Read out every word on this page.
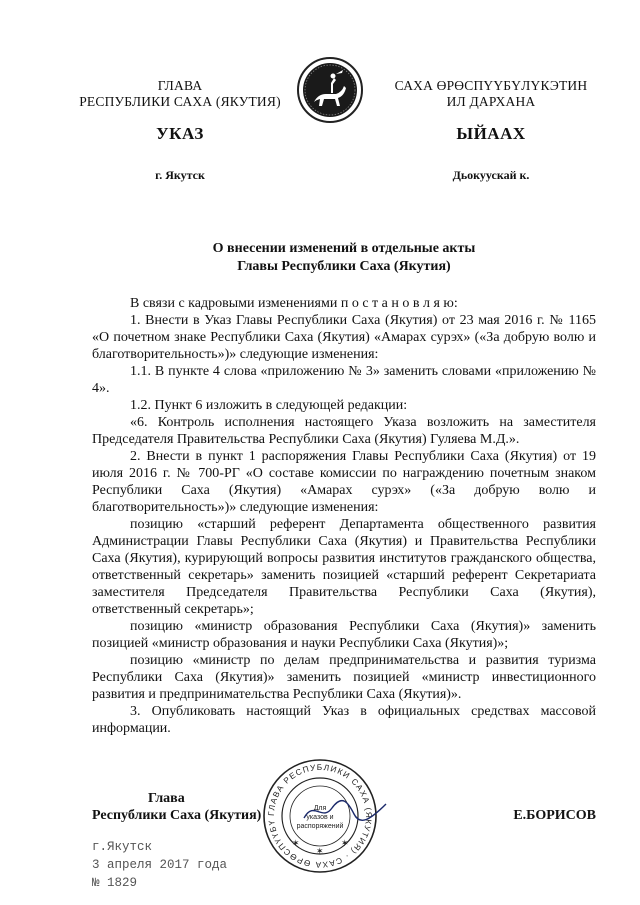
ГЛАВА
РЕСПУБЛИКИ САХА (ЯКУТИЯ)
САХА ӨРӨСПҮҮБҮЛҮКЭТИН
ИЛ ДАРХАНА
УКАЗ	ЫЙААХ
г. Якутск	Дьокуускай к.
О внесении изменений в отдельные акты
Главы Республики Саха (Якутия)

В связи с кадровыми изменениями п о с т а н о в л я ю:

1. Внести в Указ Главы Республики Саха (Якутия) от 23 мая 2016 г. № 1165 «О почетном знаке Республики Саха (Якутия) «Амарах сурэх» («За добрую волю и благотворительность»)» следующие изменения:

1.1. В пункте 4 слова «приложению № 3» заменить словами «приложению № 4».

1.2. Пункт 6 изложить в следующей редакции:

«6. Контроль исполнения настоящего Указа возложить на заместителя Председателя Правительства Республики Саха (Якутия) Гуляева М.Д.».

2. Внести в пункт 1 распоряжения Главы Республики Саха (Якутия) от 19 июля 2016 г. № 700-РГ «О составе комиссии по награждению почетным знаком Республики Саха (Якутия) «Амарах сурэх» («За добрую волю и благотворительность»)» следующие изменения:

позицию «старший референт Департамента общественного развития Администрации Главы Республики Саха (Якутия) и Правительства Республики Саха (Якутия), курирующий вопросы развития институтов гражданского общества, ответственный секретарь» заменить позицией «старший референт Секретариата заместителя Председателя Правительства Республики Саха (Якутия), ответственный секретарь»;

позицию «министр образования Республики Саха (Якутия)» заменить позицией «министр образования и науки Республики Саха (Якутия)»;

позицию «министр по делам предпринимательства и развития туризма Республики Саха (Якутия)» заменить позицией «министр инвестиционного развития и предпринимательства Республики Саха (Якутия)».

3. Опубликовать настоящий Указ в официальных средствах массовой информации.

Глава
Республики Саха (Якутия)	Е.БОРИСОВ
ГЛАВА РЕСПУБЛИКИ САХА (ЯКУТИЯ) · САХА ӨРӨСПҮҮБҮ
Для
указов и
распоряжений
✶	✶
✶
г.Якутск
3 апреля 2017 года
№ 1829
